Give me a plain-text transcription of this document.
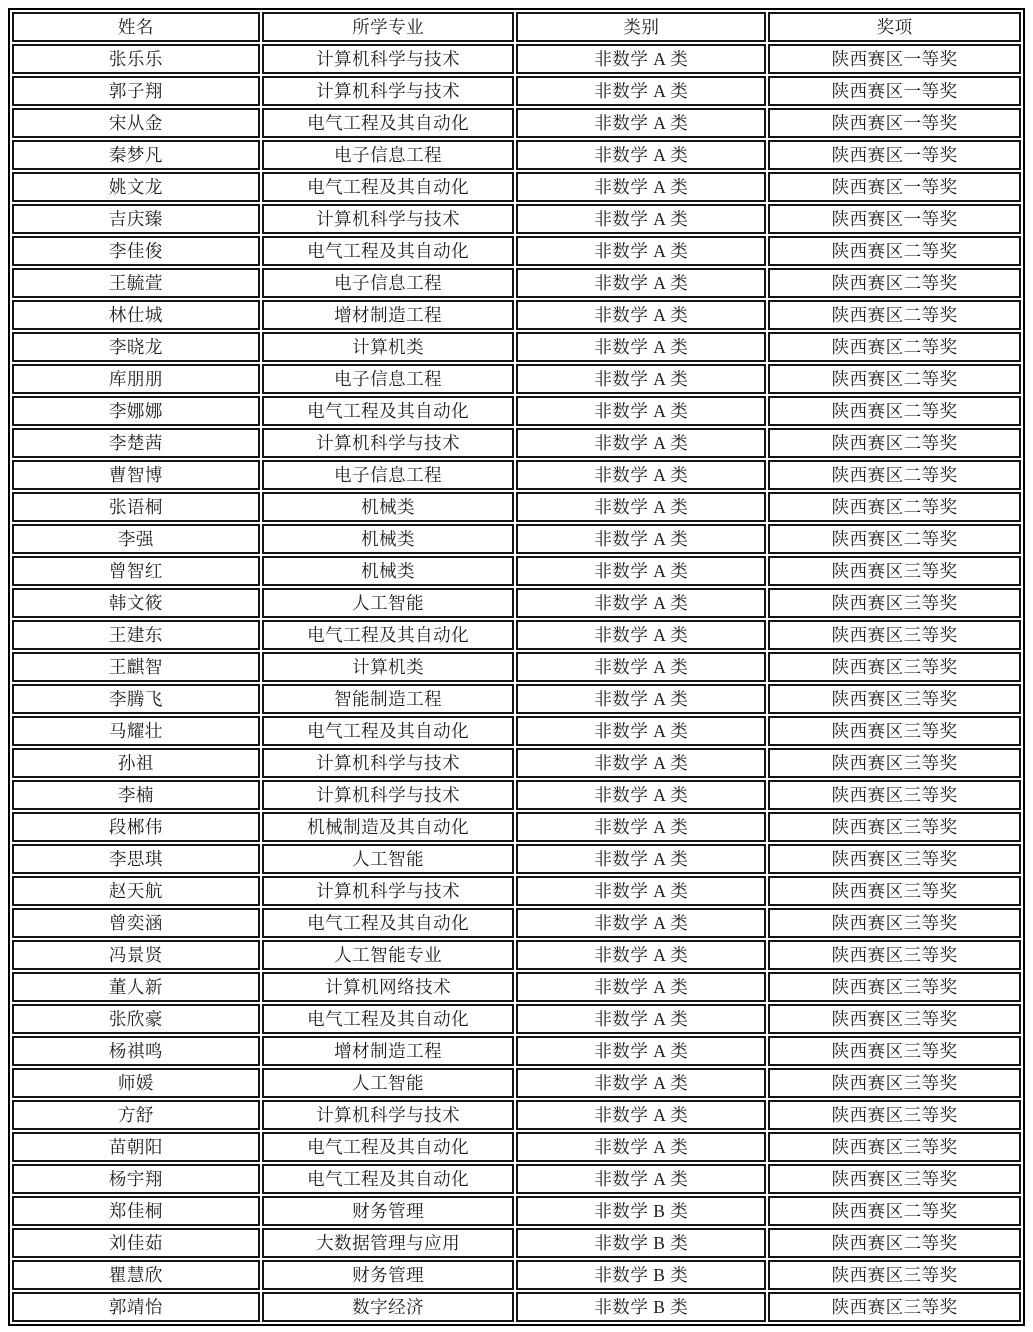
姓名	所学专业	类别	奖项
张乐乐	计算机科学与技术	非数学 A 类	陕西赛区一等奖
郭子翔	计算机科学与技术	非数学 A 类	陕西赛区一等奖
宋从金	电气工程及其自动化	非数学 A 类	陕西赛区一等奖
秦梦凡	电子信息工程	非数学 A 类	陕西赛区一等奖
姚文龙	电气工程及其自动化	非数学 A 类	陕西赛区一等奖
吉庆臻	计算机科学与技术	非数学 A 类	陕西赛区一等奖
李佳俊	电气工程及其自动化	非数学 A 类	陕西赛区二等奖
王毓萱	电子信息工程	非数学 A 类	陕西赛区二等奖
林仕城	增材制造工程	非数学 A 类	陕西赛区二等奖
李晓龙	计算机类	非数学 A 类	陕西赛区二等奖
库朋朋	电子信息工程	非数学 A 类	陕西赛区二等奖
李娜娜	电气工程及其自动化	非数学 A 类	陕西赛区二等奖
李楚茜	计算机科学与技术	非数学 A 类	陕西赛区二等奖
曹智博	电子信息工程	非数学 A 类	陕西赛区二等奖
张语桐	机械类	非数学 A 类	陕西赛区二等奖
李强	机械类	非数学 A 类	陕西赛区二等奖
曾智红	机械类	非数学 A 类	陕西赛区三等奖
韩文筱	人工智能	非数学 A 类	陕西赛区三等奖
王建东	电气工程及其自动化	非数学 A 类	陕西赛区三等奖
王麒智	计算机类	非数学 A 类	陕西赛区三等奖
李腾飞	智能制造工程	非数学 A 类	陕西赛区三等奖
马耀壮	电气工程及其自动化	非数学 A 类	陕西赛区三等奖
孙祖	计算机科学与技术	非数学 A 类	陕西赛区三等奖
李楠	计算机科学与技术	非数学 A 类	陕西赛区三等奖
段郴伟	机械制造及其自动化	非数学 A 类	陕西赛区三等奖
李思琪	人工智能	非数学 A 类	陕西赛区三等奖
赵天航	计算机科学与技术	非数学 A 类	陕西赛区三等奖
曾奕涵	电气工程及其自动化	非数学 A 类	陕西赛区三等奖
冯景贤	人工智能专业	非数学 A 类	陕西赛区三等奖
董人新	计算机网络技术	非数学 A 类	陕西赛区三等奖
张欣豪	电气工程及其自动化	非数学 A 类	陕西赛区三等奖
杨祺鸣	增材制造工程	非数学 A 类	陕西赛区三等奖
师媛	人工智能	非数学 A 类	陕西赛区三等奖
方舒	计算机科学与技术	非数学 A 类	陕西赛区三等奖
苗朝阳	电气工程及其自动化	非数学 A 类	陕西赛区三等奖
杨宇翔	电气工程及其自动化	非数学 A 类	陕西赛区三等奖
郑佳桐	财务管理	非数学 B 类	陕西赛区二等奖
刘佳茹	大数据管理与应用	非数学 B 类	陕西赛区二等奖
瞿慧欣	财务管理	非数学 B 类	陕西赛区三等奖
郭靖怡	数字经济	非数学 B 类	陕西赛区三等奖
